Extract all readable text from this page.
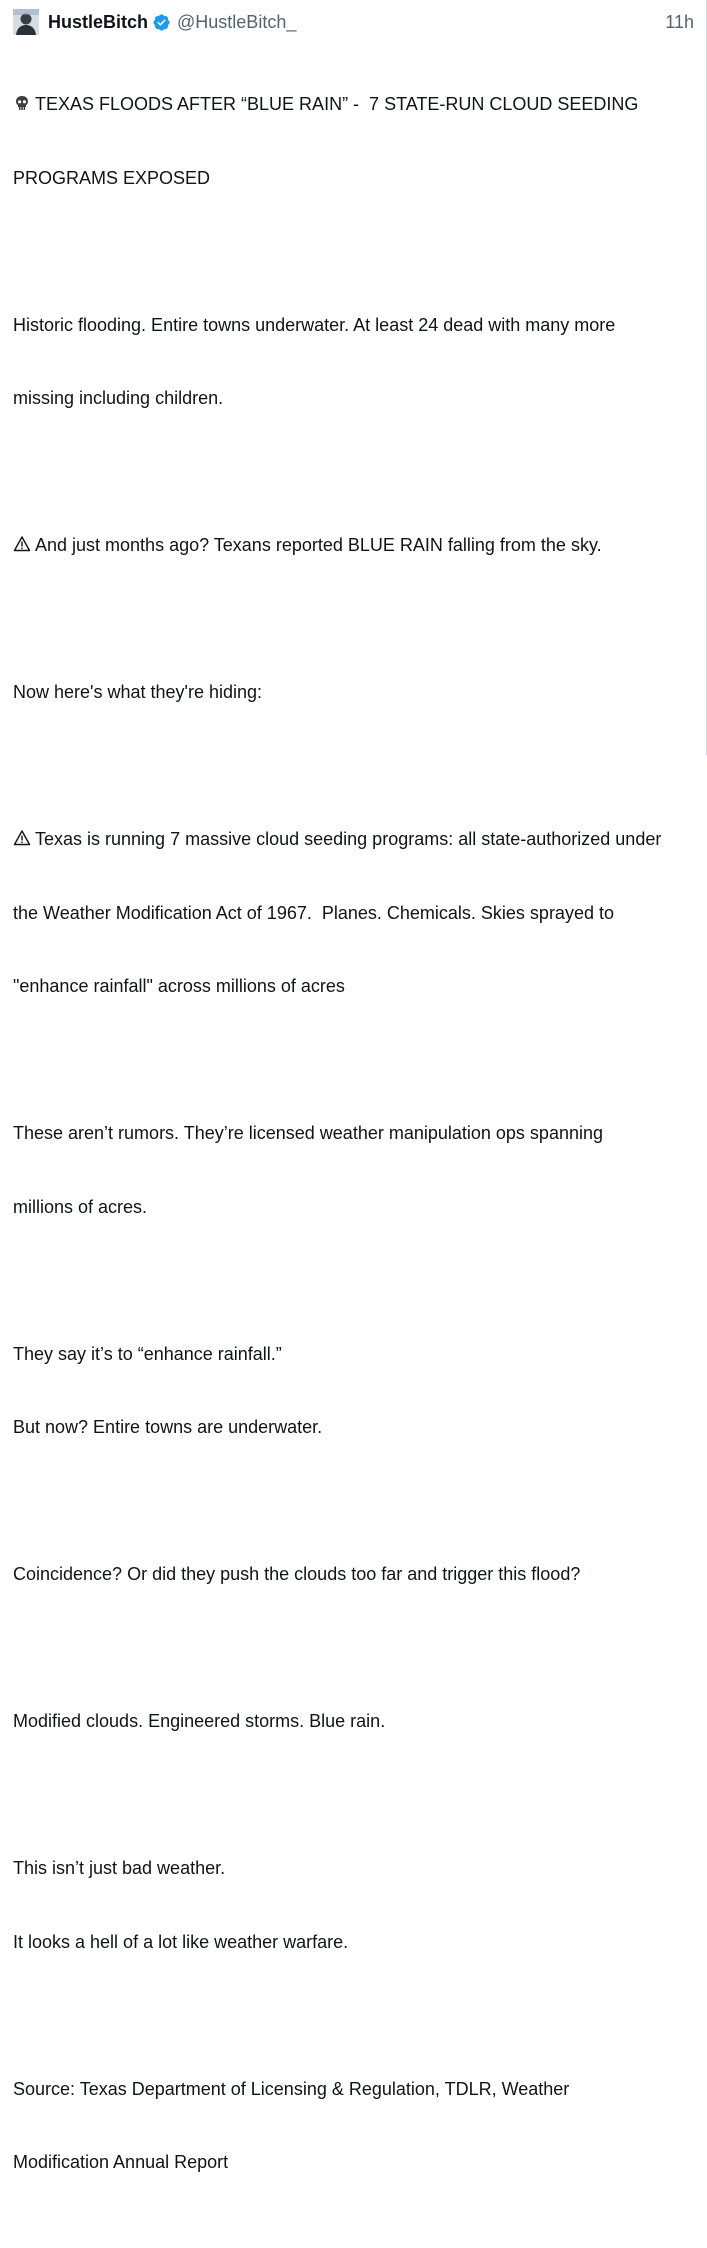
HustleBitch @HustleBitch_	11h

TEXAS FLOODS AFTER “BLUE RAIN” -  7 STATE-RUN CLOUD SEEDING

PROGRAMS EXPOSED

Historic flooding. Entire towns underwater. At least 24 dead with many more

missing including children.

And just months ago? Texans reported BLUE RAIN falling from the sky.

Now here's what they're hiding:

Texas is running 7 massive cloud seeding programs: all state-authorized under

the Weather Modification Act of 1967.  Planes. Chemicals. Skies sprayed to

"enhance rainfall" across millions of acres

These aren’t rumors. They’re licensed weather manipulation ops spanning

millions of acres.

They say it’s to “enhance rainfall.”

But now? Entire towns are underwater.

Coincidence? Or did they push the clouds too far and trigger this flood?

Modified clouds. Engineered storms. Blue rain.

This isn’t just bad weather.

It looks a hell of a lot like weather warfare.

Source: Texas Department of Licensing & Regulation, TDLR, Weather

Modification Annual Report
